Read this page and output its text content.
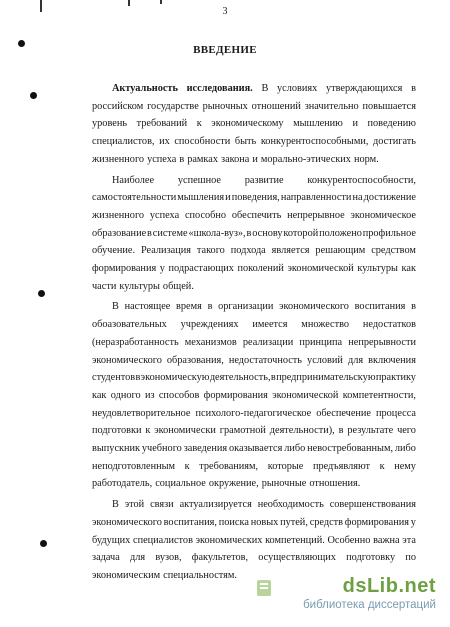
3
ВВЕДЕНИЕ
Актуальность исследования. В условиях утверждающихся в
российском государстве рыночных отношений значительно повышается
уровень требований к экономическому мышлению и поведению
специалистов, их способности быть конкурентоспособными, достигать
жизненного успеха в рамках закона и морально-этических норм.
Наиболее успешное развитие конкурентоспособности,
самостоятельности мышления и поведения, направленности на достижение
жизненного успеха способно обеспечить непрерывное экономическое
образование в системе «школа-вуз», в основу которой положено профильное
обучение. Реализация такого подхода является решающим средством
формирования у подрастающих поколений экономической культуры как
части культуры общей.
В настоящее время в организации экономического воспитания в
обоазовательных учреждениях имеется множество недостатков
(неразработанность механизмов реализации принципа непрерывности
экономического образования, недостаточность условий для включения
студентов в экономическую деятельность, в предпринимательскую практику
как одного из способов формирования экономической компетентности,
неудовлетворительное психолого-педагогическое обеспечение процесса
подготовки к экономически грамотной деятельности), в результате чего
выпускник учебного заведения оказывается либо невостребованным, либо
неподготовленным к требованиям, которые предъявляют к нему
работодатель, социальное окружение, рыночные отношения.
В этой связи актуализируется необходимость совершенствования
экономического воспитания, поиска новых путей, средств формирования у
будущих специалистов экономических компетенций. Особенно важна эта
задача для вузов, факультетов, осуществляющих подготовку по
экономическим специальностям.	dsLib.net
библиотека диссертаций
